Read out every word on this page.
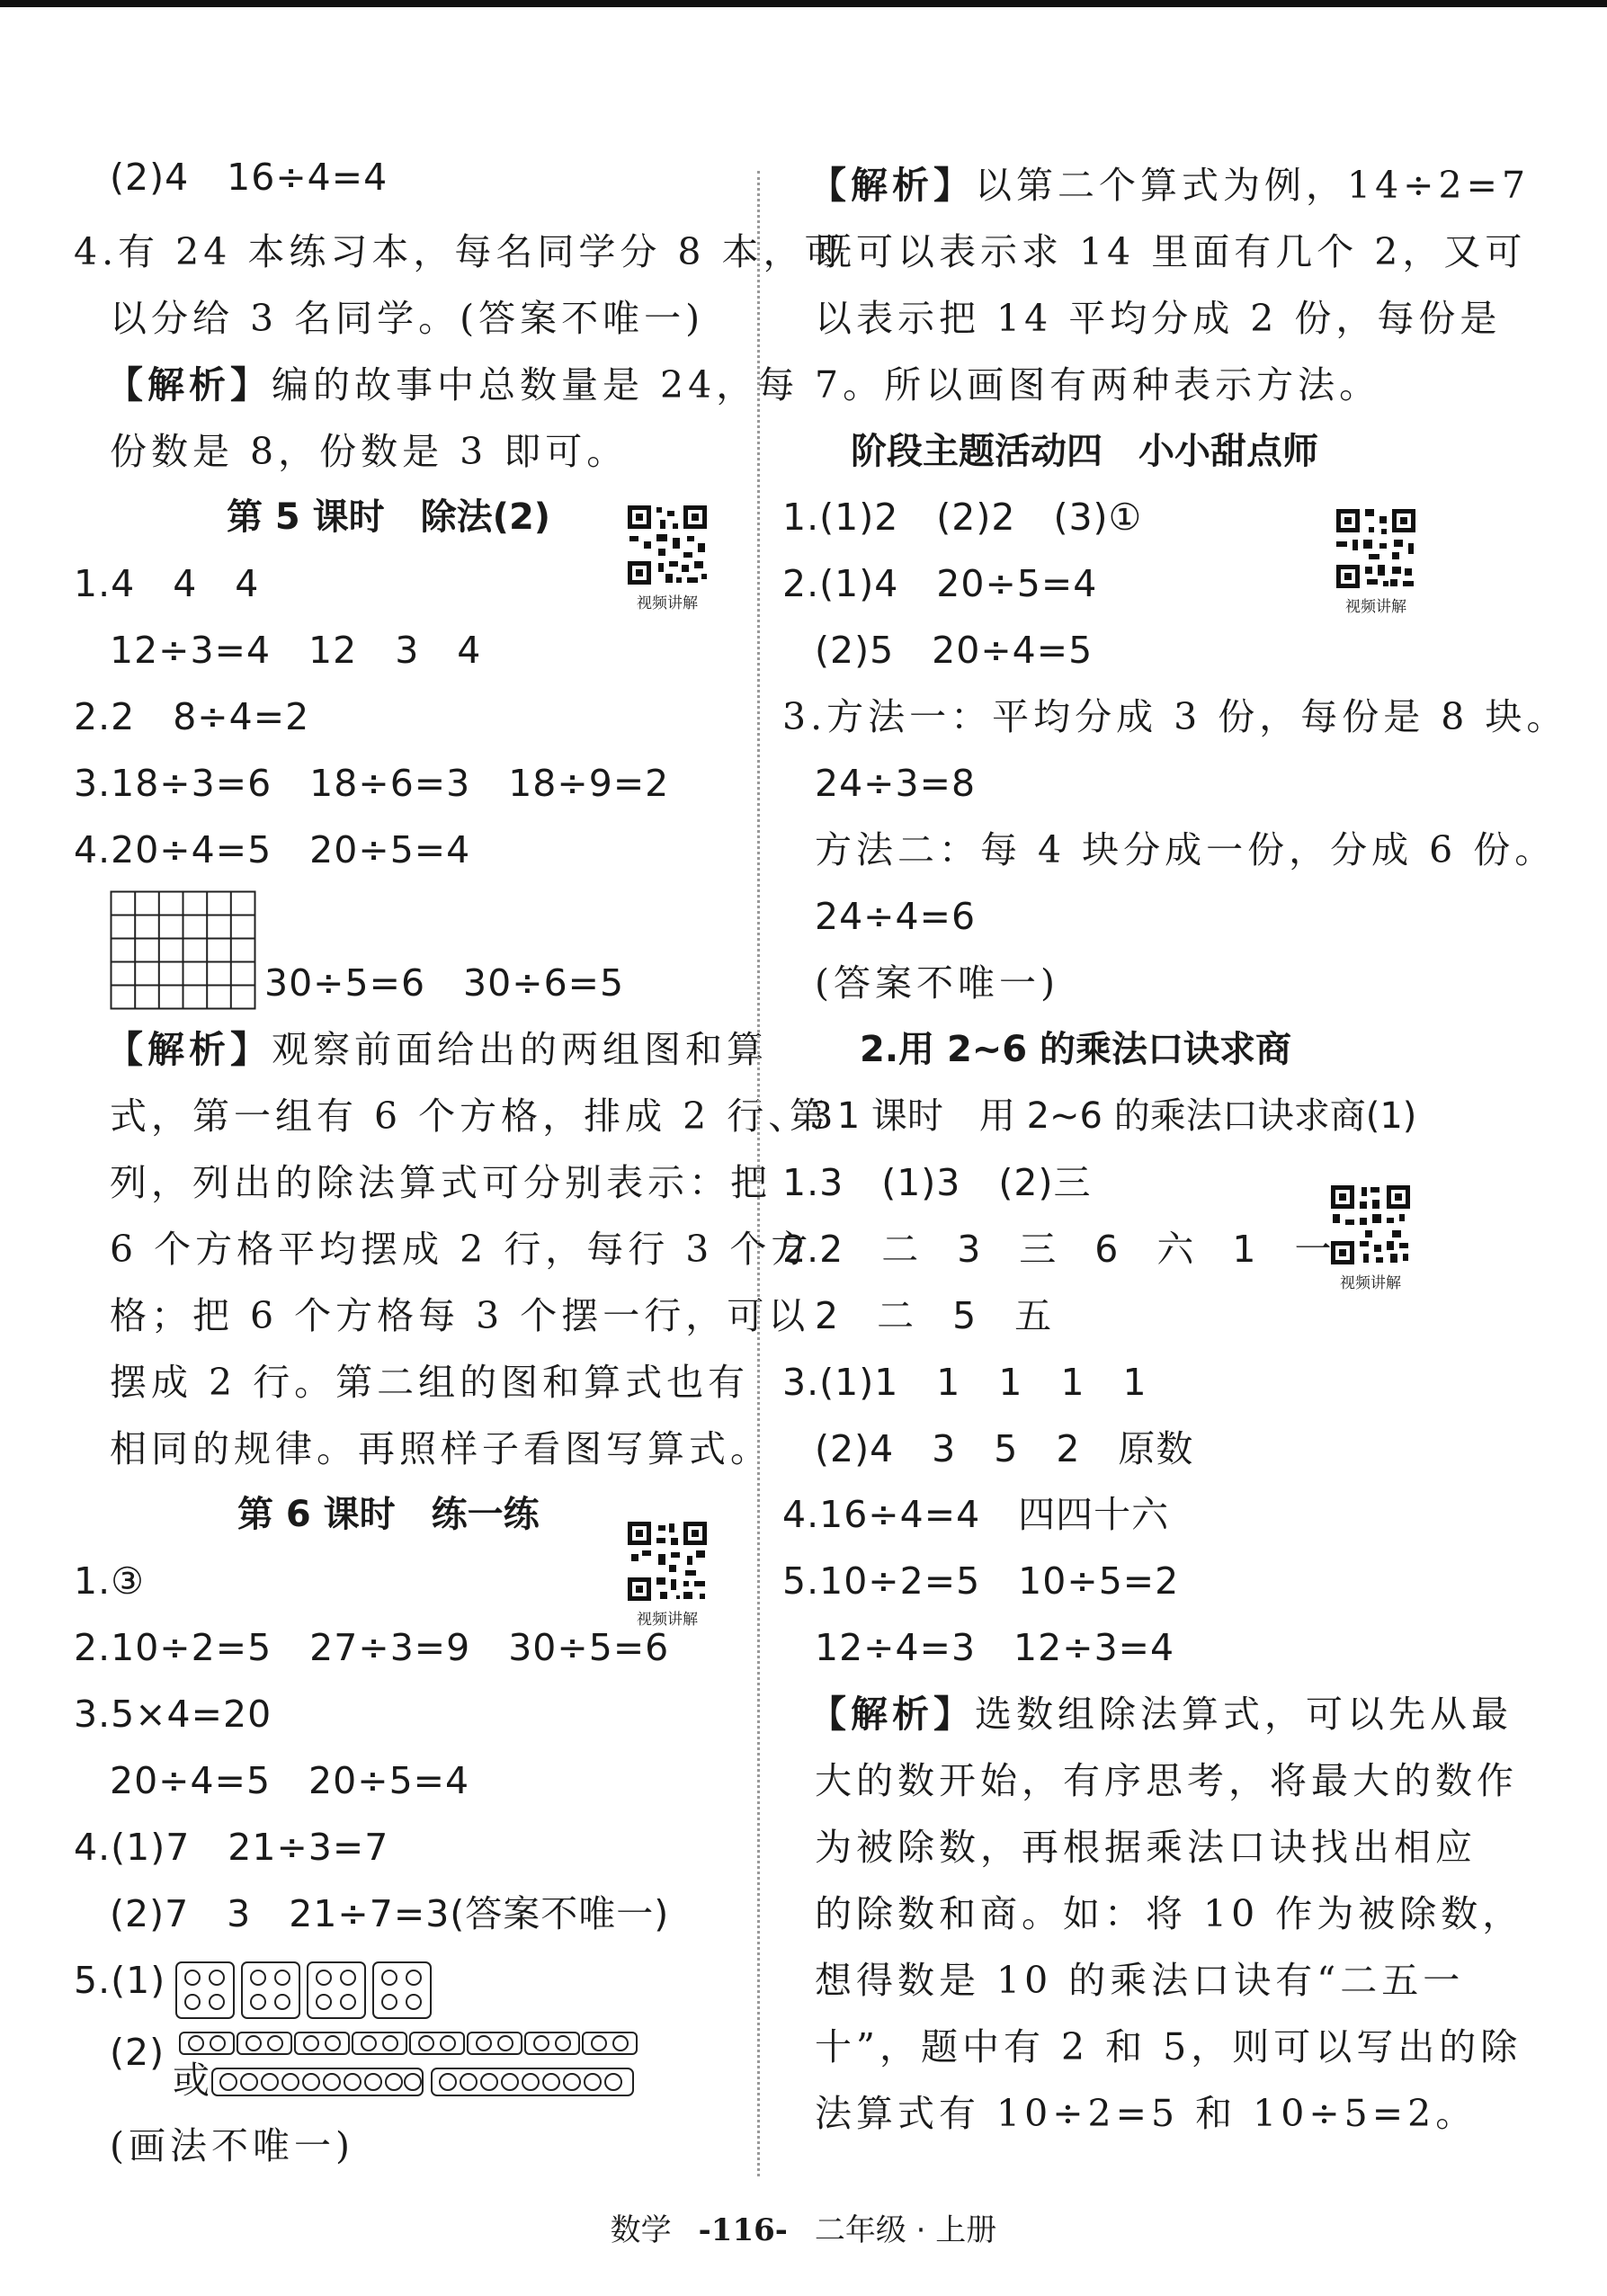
(2)4　16÷4=4
4.有 24 本练习本，每名同学分 8 本，可
以分给 3 名同学。(答案不唯一)
【解析】编的故事中总数量是 24，每
份数是 8，份数是 3 即可。
第 5 课时　除法(2)
视频讲解
1.4　4　4
12÷3=4　12　3　4
2.2　8÷4=2
3.18÷3=6　18÷6=3　18÷9=2
4.20÷4=5　20÷5=4
30÷5=6　30÷6=5
【解析】观察前面给出的两组图和算
式，第一组有 6 个方格，排成 2 行、3
列，列出的除法算式可分别表示：把
6 个方格平均摆成 2 行，每行 3 个方
格；把 6 个方格每 3 个摆一行，可以
摆成 2 行。第二组的图和算式也有
相同的规律。再照样子看图写算式。
第 6 课时　练一练
视频讲解
1.③
2.10÷2=5　27÷3=9　30÷5=6
3.5×4=20
20÷4=5　20÷5=4
4.(1)7　21÷3=7
(2)7　3　21÷7=3(答案不唯一)
5.(1)
(2)
或
(画法不唯一)
【解析】以第二个算式为例，14÷2=7
既可以表示求 14 里面有几个 2，又可
以表示把 14 平均分成 2 份，每份是
7。所以画图有两种表示方法。
阶段主题活动四　小小甜点师
1.(1)2　(2)2　(3)①
视频讲解
2.(1)4　20÷5=4
(2)5　20÷4=5
3.方法一：平均分成 3 份，每份是 8 块。
24÷3=8
方法二：每 4 块分成一份，分成 6 份。
24÷4=6
(答案不唯一)
2.用 2~6 的乘法口诀求商
第 1 课时　用 2~6 的乘法口诀求商(1)
1.3　(1)3　(2)三
视频讲解
2.2　二　3　三　6　六　1　一
2　二　5　五
3.(1)1　1　1　1　1
(2)4　3　5　2　原数
4.16÷4=4　四四十六
5.10÷2=5　10÷5=2
12÷4=3　12÷3=4
【解析】选数组除法算式，可以先从最
大的数开始，有序思考，将最大的数作
为被除数，再根据乘法口诀找出相应
的除数和商。如：将 10 作为被除数，
想得数是 10 的乘法口诀有“二五一
十”，题中有 2 和 5，则可以写出的除
法算式有 10÷2=5 和 10÷5=2。
数学 -116- 二年级 · 上册
